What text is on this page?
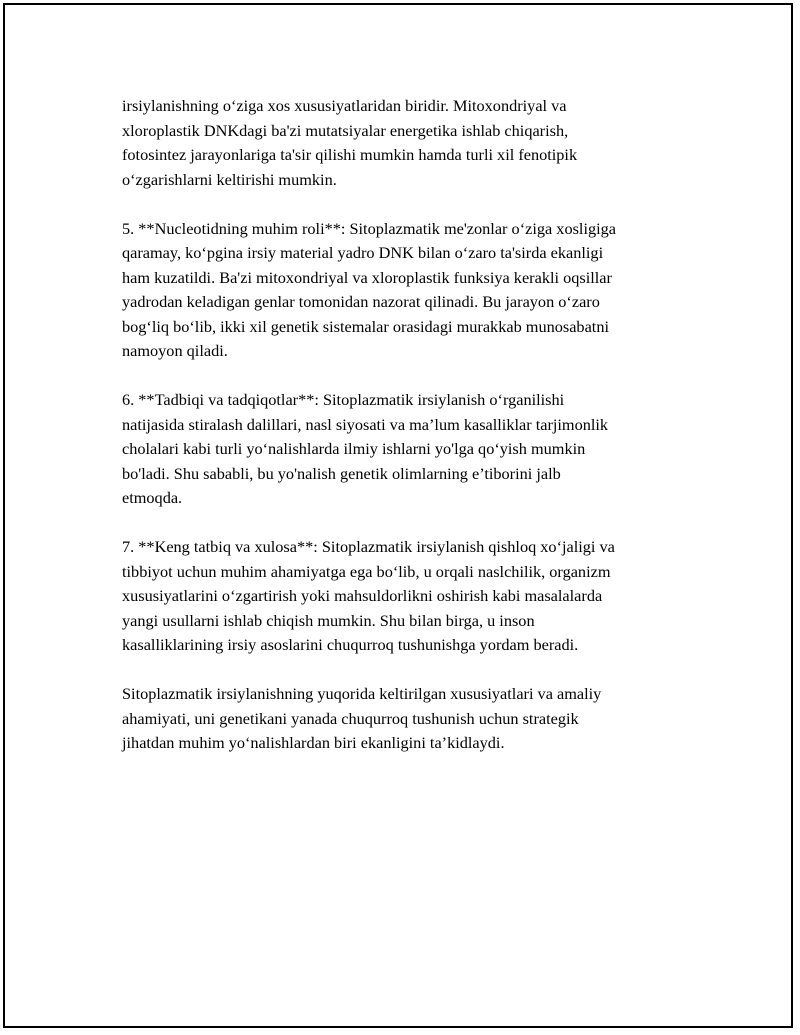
irsiylanishning o‘ziga xos xususiyatlaridan biridir. Mitoxondriyal va
xloroplastik DNKdagi ba'zi mutatsiyalar energetika ishlab chiqarish,
fotosintez jarayonlariga ta'sir qilishi mumkin hamda turli xil fenotipik
o‘zgarishlarni keltirishi mumkin.

5. **Nucleotidning muhim roli**: Sitoplazmatik me'zonlar o‘ziga xosligiga
qaramay, ko‘pgina irsiy material yadro DNK bilan o‘zaro ta'sirda ekanligi
ham kuzatildi. Ba'zi mitoxondriyal va xloroplastik funksiya kerakli oqsillar
yadrodan keladigan genlar tomonidan nazorat qilinadi. Bu jarayon o‘zaro
bog‘liq bo‘lib, ikki xil genetik sistemalar orasidagi murakkab munosabatni
namoyon qiladi.

6. **Tadbiqi va tadqiqotlar**: Sitoplazmatik irsiylanish o‘rganilishi
natijasida stiralash dalillari, nasl siyosati va ma’lum kasalliklar tarjimonlik
cholalari kabi turli yo‘nalishlarda ilmiy ishlarni yo'lga qo‘yish mumkin
bo'ladi. Shu sababli, bu yo'nalish genetik olimlarning e’tiborini jalb
etmoqda.

7. **Keng tatbiq va xulosa**: Sitoplazmatik irsiylanish qishloq xo‘jaligi va
tibbiyot uchun muhim ahamiyatga ega bo‘lib, u orqali naslchilik, organizm
xususiyatlarini o‘zgartirish yoki mahsuldorlikni oshirish kabi masalalarda
yangi usullarni ishlab chiqish mumkin. Shu bilan birga, u inson
kasalliklarining irsiy asoslarini chuqurroq tushunishga yordam beradi.

Sitoplazmatik irsiylanishning yuqorida keltirilgan xususiyatlari va amaliy
ahamiyati, uni genetikani yanada chuqurroq tushunish uchun strategik
jihatdan muhim yo‘nalishlardan biri ekanligini ta’kidlaydi.
